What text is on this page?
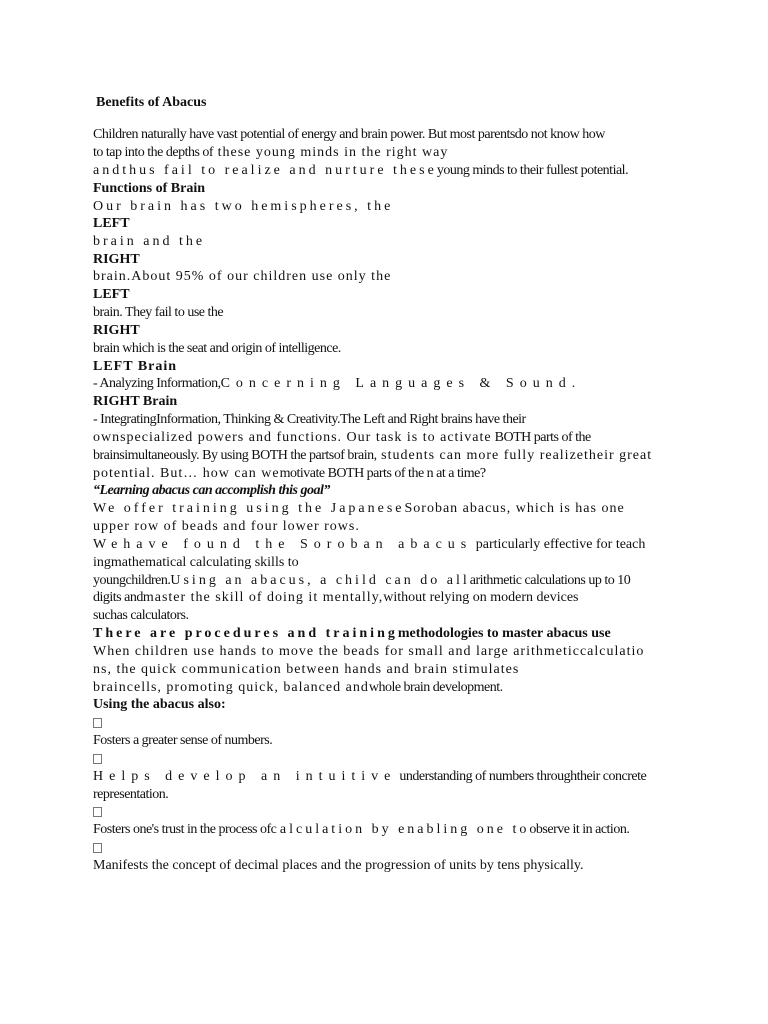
Benefits of Abacus
Children naturally have vast potential of energy and brain power. But most parentsdo not know how
to tap into the depths of these young minds in the right way
andthus fail to realize and nurture theseyoung minds to their fullest potential.
Functions of Brain
Our brain has two hemispheres, the
LEFT
brain and the
RIGHT
brain.About 95% of our children use only the
LEFT
brain. They fail to use the
RIGHT
brain which is the seat and origin of intelligence.
LEFT Brain
- Analyzing Information,Concerning Languages & Sound.
RIGHT Brain
- IntegratingInformation, Thinking & Creativity.The Left and Right brains have their
ownspecialized powers and functions. Our task is to activate BOTH parts of the
brainsimultaneously. By using BOTH the partsof brain, students can more fully realizetheir great
potential. But… how can wemotivate BOTH parts of the n at a time?
“Learning abacus can accomplish this goal”
We offer training using the JapaneseSoroban abacus, which is has one
upper row of beads and four lower rows.
Wehave found the Soroban abacus particularly effective for teach
ingmathematical calculating skills to
youngchildren.Using an abacus, a child can do allarithmetic calculations up to 10
digits andmaster the skill of doing it mentally,without relying on modern devices
suchas calculators.
There are procedures and trainingmethodologies to master abacus use
When children use hands to move the beads for small and large arithmeticcalculatio
ns, the quick communication between hands and brain stimulates
braincells, promoting quick, balanced andwhole brain development.
Using the abacus also:
Fosters a greater sense of numbers.
Helps develop an intuitive understanding of numbers throughtheir concrete
representation.
Fosters one's trust in the process ofcalculation by enabling one toobserve it in action.
Manifests the concept of decimal places and the progression of units by tens physically.
